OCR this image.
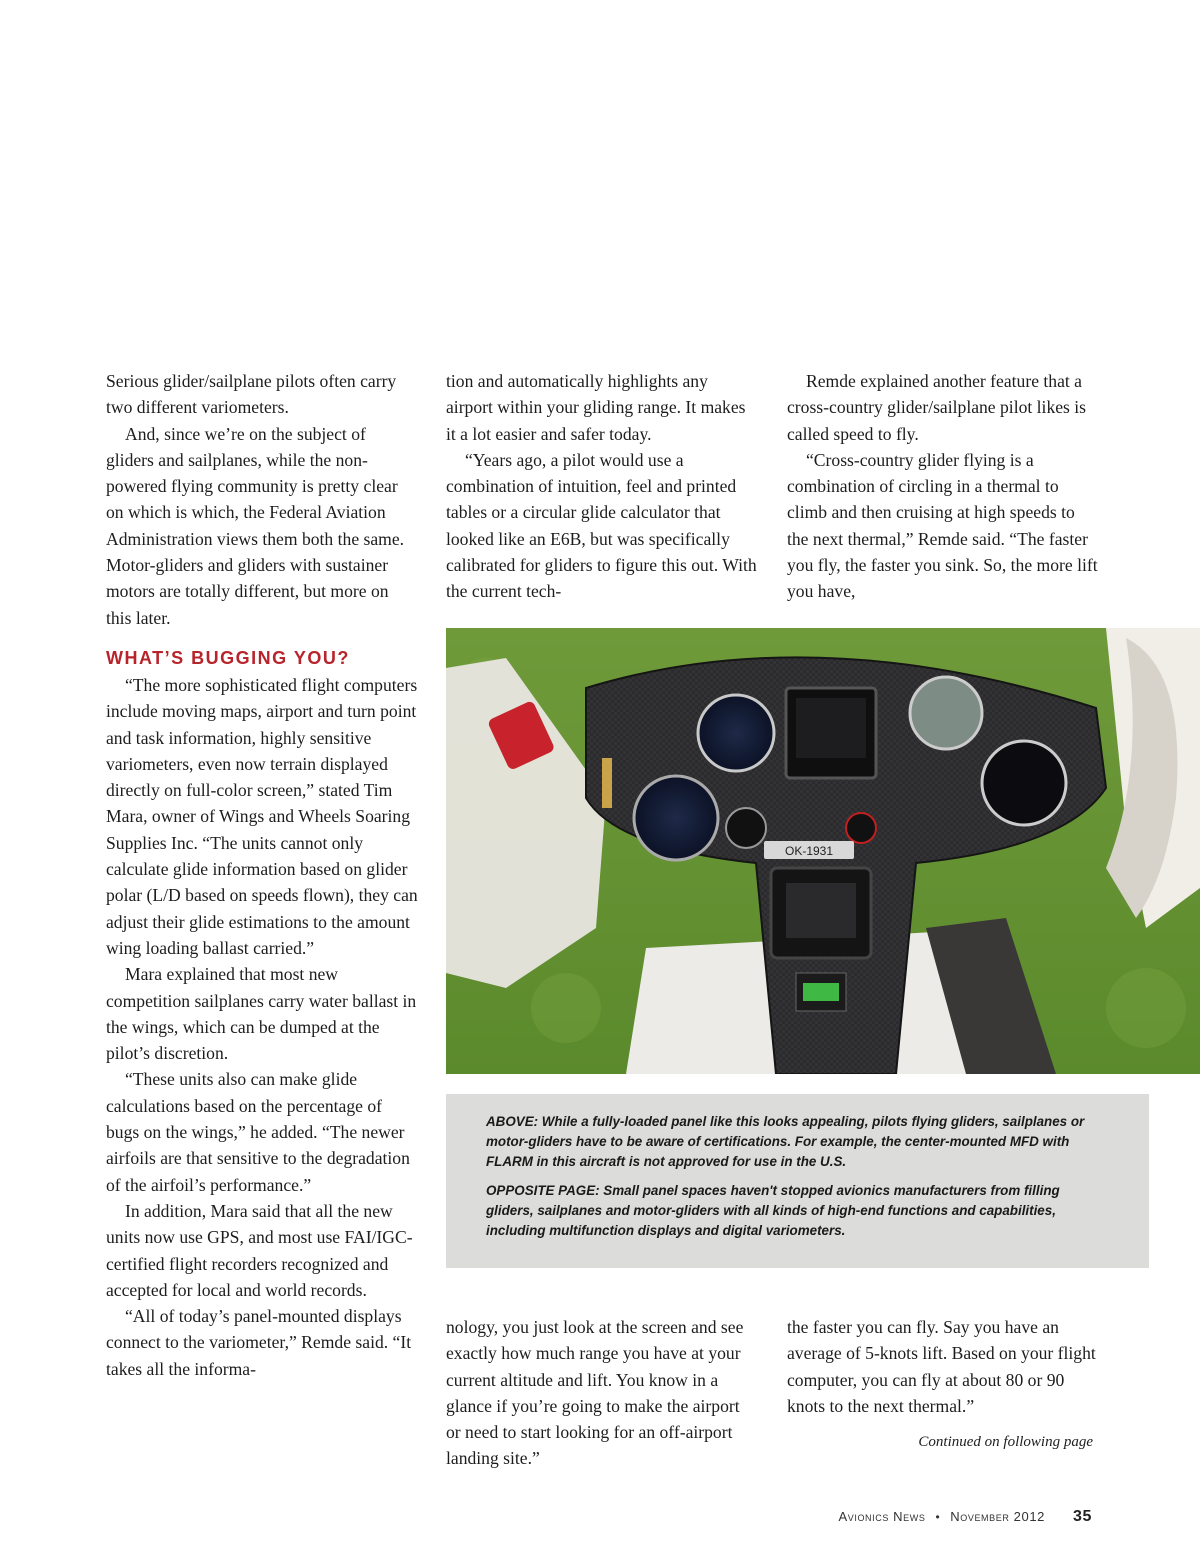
Serious glider/sailplane pilots often carry two different variometers.

And, since we’re on the subject of gliders and sailplanes, while the non-powered flying community is pretty clear on which is which, the Federal Aviation Administration views them both the same. Motor-gliders and gliders with sustainer motors are totally different, but more on this later.

WHAT’S BUGGING YOU?

“The more sophisticated flight computers include moving maps, airport and turn point and task information, highly sensitive variometers, even now terrain displayed directly on full-color screen,” stated Tim Mara, owner of Wings and Wheels Soaring Supplies Inc. “The units cannot only calculate glide information based on glider polar (L/D based on speeds flown), they can adjust their glide estimations to the amount wing loading ballast carried.”

Mara explained that most new competition sailplanes carry water ballast in the wings, which can be dumped at the pilot’s discretion.

“These units also can make glide calculations based on the percentage of bugs on the wings,” he added. “The newer airfoils are that sensitive to the degradation of the airfoil’s performance.”

In addition, Mara said that all the new units now use GPS, and most use FAI/IGC-certified flight recorders recognized and accepted for local and world records.

“All of today’s panel-mounted displays connect to the variometer,” Remde said. “It takes all the informa-

tion and automatically highlights any airport within your gliding range. It makes it a lot easier and safer today.

“Years ago, a pilot would use a combination of intuition, feel and printed tables or a circular glide calculator that looked like an E6B, but was specifically calibrated for gliders to figure this out. With the current tech-

Remde explained another feature that a cross-country glider/sailplane pilot likes is called speed to fly.

“Cross-country glider flying is a combination of circling in a thermal to climb and then cruising at high speeds to the next thermal,” Remde said. “The faster you fly, the faster you sink. So, the more lift you have,

OK-1931

ABOVE: While a fully-loaded panel like this looks appealing, pilots flying gliders, sailplanes or motor-gliders have to be aware of certifications. For example, the center-mounted MFD with FLARM in this aircraft is not approved for use in the U.S.

OPPOSITE PAGE: Small panel spaces haven't stopped avionics manufacturers from filling gliders, sailplanes and motor-gliders with all kinds of high-end functions and capabilities, including multifunction displays and digital variometers.

nology, you just look at the screen and see exactly how much range you have at your current altitude and lift. You know in a glance if you’re going to make the airport or need to start looking for an off-airport landing site.”

the faster you can fly. Say you have an average of 5-knots lift. Based on your flight computer, you can fly at about 80 or 90 knots to the next thermal.”

Continued on following page
Avionics News • November 2012 35
